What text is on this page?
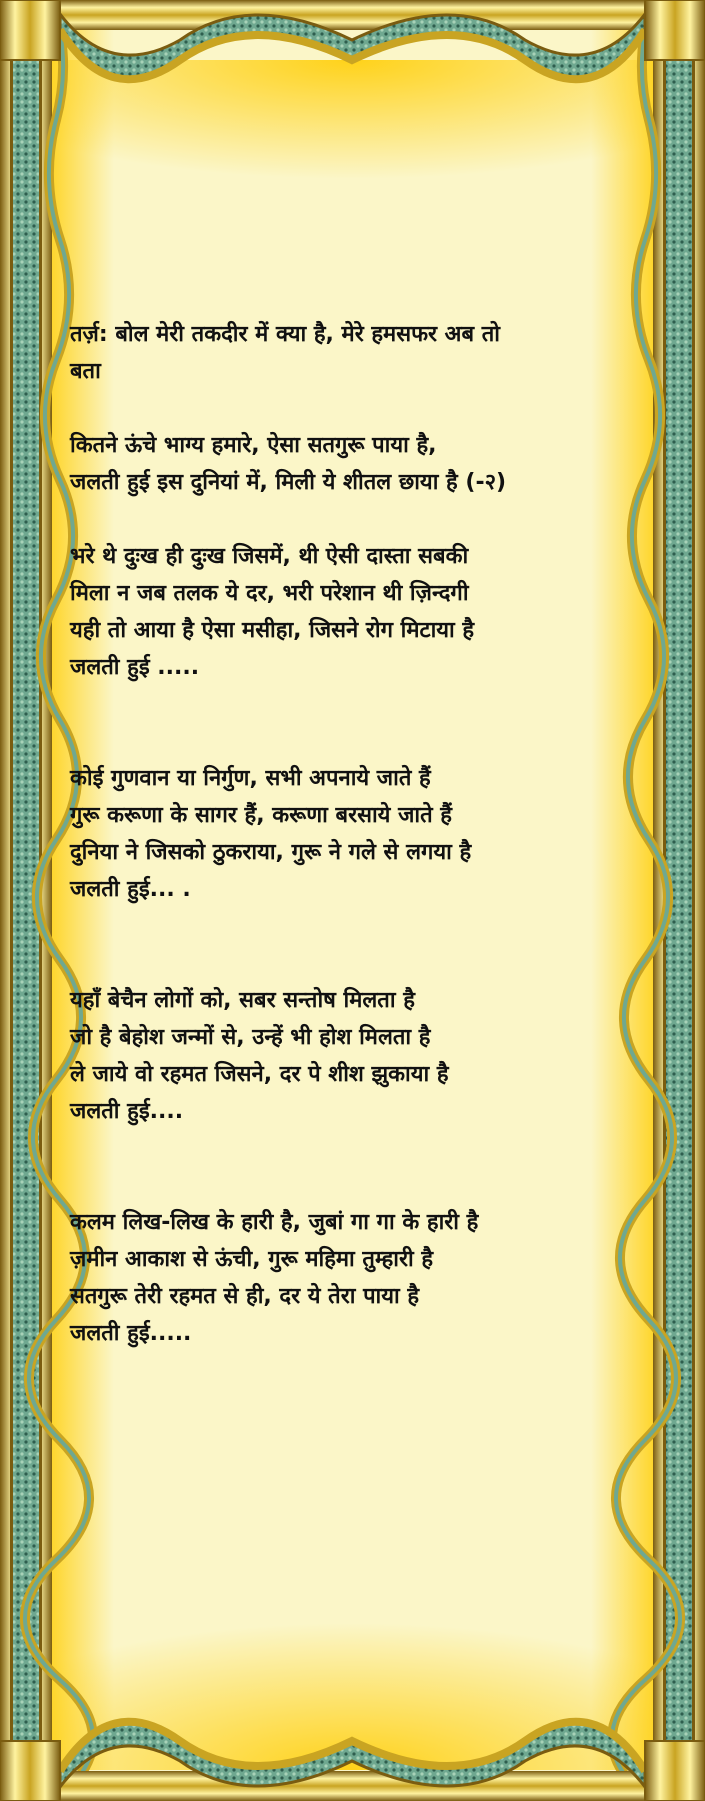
तर्ज़: बोल मेरी तकदीर में क्या है, मेरे हमसफर अब तो
बता
कितने ऊंचे भाग्य हमारे, ऐसा सतगुरू पाया है,
जलती हुई इस दुनियां में, मिली ये शीतल छाया है (-२)
भरे थे दुःख ही दुःख जिसमें, थी ऐसी दास्ता सबकी
मिला न जब तलक ये दर, भरी परेशान थी ज़िन्दगी
यही तो आया है ऐसा मसीहा, जिसने रोग मिटाया है
जलती हुई .....
कोई गुणवान या निर्गुण, सभी अपनाये जाते हैं
गुरू करूणा के सागर हैं, करूणा बरसाये जाते हैं
दुनिया ने जिसको ठुकराया, गुरू ने गले से लगया है
जलती हुई... .
यहाँ बेचैन लोगों को, सबर सन्तोष मिलता है
जो है बेहोश जन्मों से, उन्हें भी होश मिलता है
ले जाये वो रहमत जिसने, दर पे शीश झुकाया है
जलती हुई....
कलम लिख-लिख के हारी है, जुबां गा गा के हारी है
ज़मीन आकाश से ऊंची, गुरू महिमा तुम्हारी है
सतगुरू तेरी रहमत से ही, दर ये तेरा पाया है
जलती हुई.....
